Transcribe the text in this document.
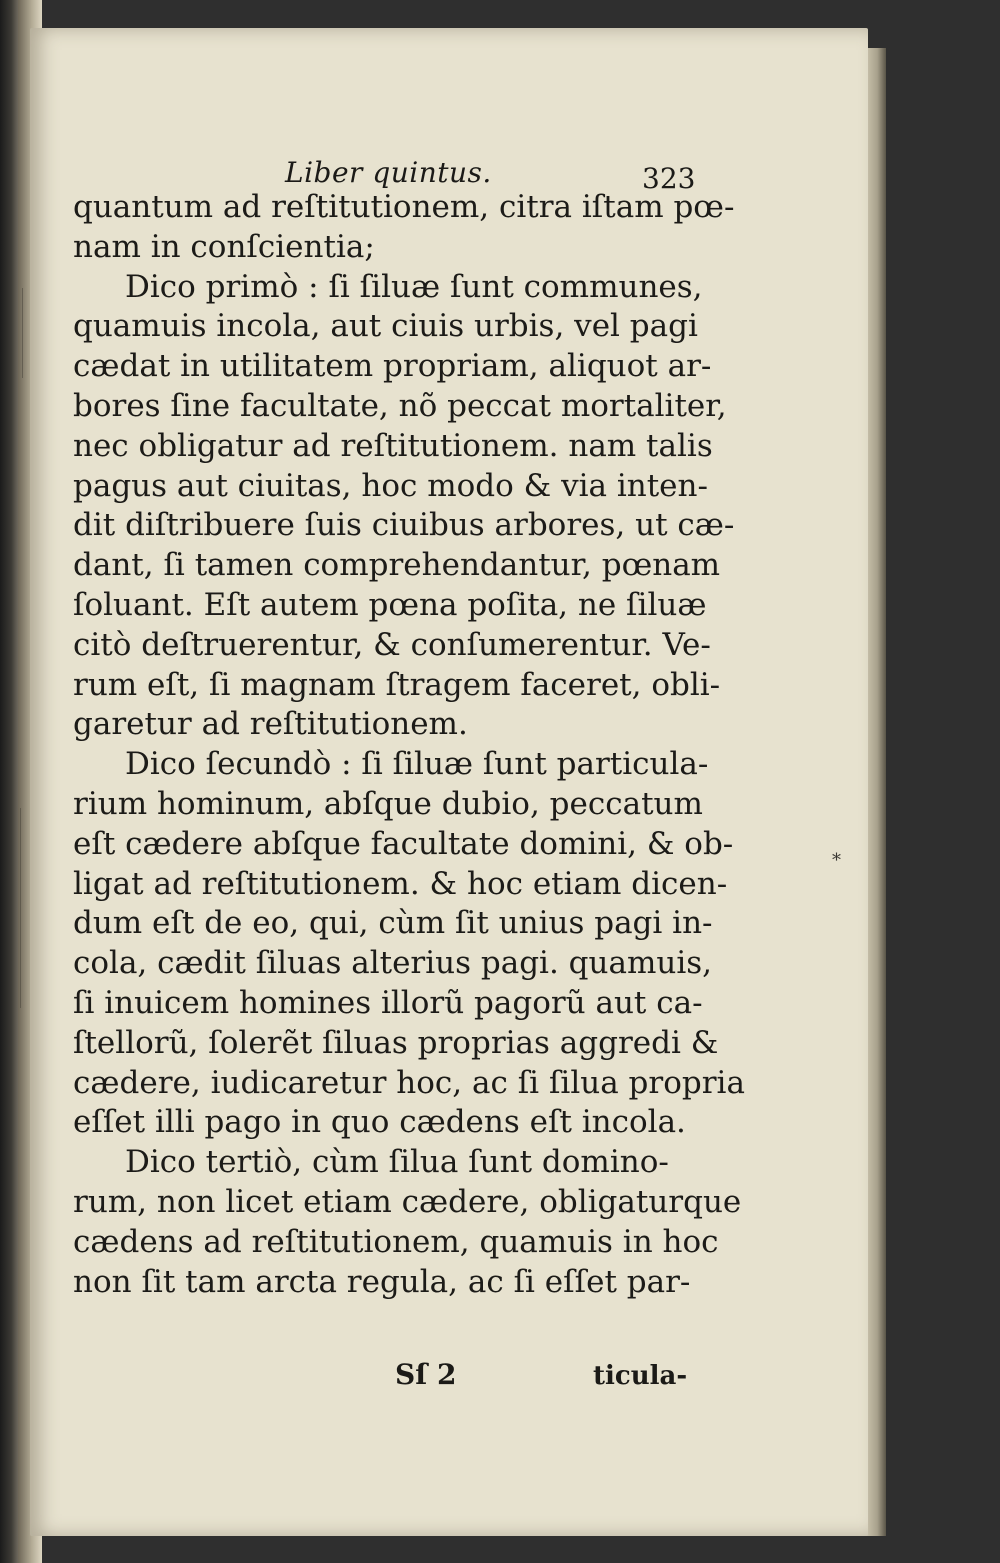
Liber quintus.	323
quantum ad reſtitutionem, citra iſtam pœ-
nam in conſcientia;
Dico primò : ſi ſiluæ ſunt communes,
quamuis incola, aut ciuis urbis, vel pagi
cædat in utilitatem propriam, aliquot ar-
bores ſine facultate, nõ peccat mortaliter,
nec obligatur ad reſtitutionem. nam talis
pagus aut ciuitas, hoc modo & via inten-
dit diſtribuere ſuis ciuibus arbores, ut cæ-
dant, ſi tamen comprehendantur, pœnam
ſoluant. Eſt autem pœna poſita, ne ſiluæ
citò deſtruerentur, & conſumerentur. Ve-
rum eſt, ſi magnam ſtragem faceret, obli-
garetur ad reſtitutionem.
Dico ſecundò : ſi ſiluæ ſunt particula-
rium hominum, abſque dubio, peccatum
eſt cædere abſque facultate domini, & ob-
ligat ad reſtitutionem. & hoc etiam dicen-
dum eſt de eo, qui, cùm ſit unius pagi in-
cola, cædit ſiluas alterius pagi. quamuis,
ſi inuicem homines illorũ pagorũ aut ca-
ſtellorũ, ſolerẽt ſiluas proprias aggredi &
cædere, iudicaretur hoc, ac ſi ſilua propria
eſſet illi pago in quo cædens eſt incola.
Dico tertiò, cùm ſilua ſunt domino-
rum, non licet etiam cædere, obligaturque
cædens ad reſtitutionem, quamuis in hoc
non ſit tam arcta regula, ac ſi eſſet par-
*
Sſ 2	ticula-
